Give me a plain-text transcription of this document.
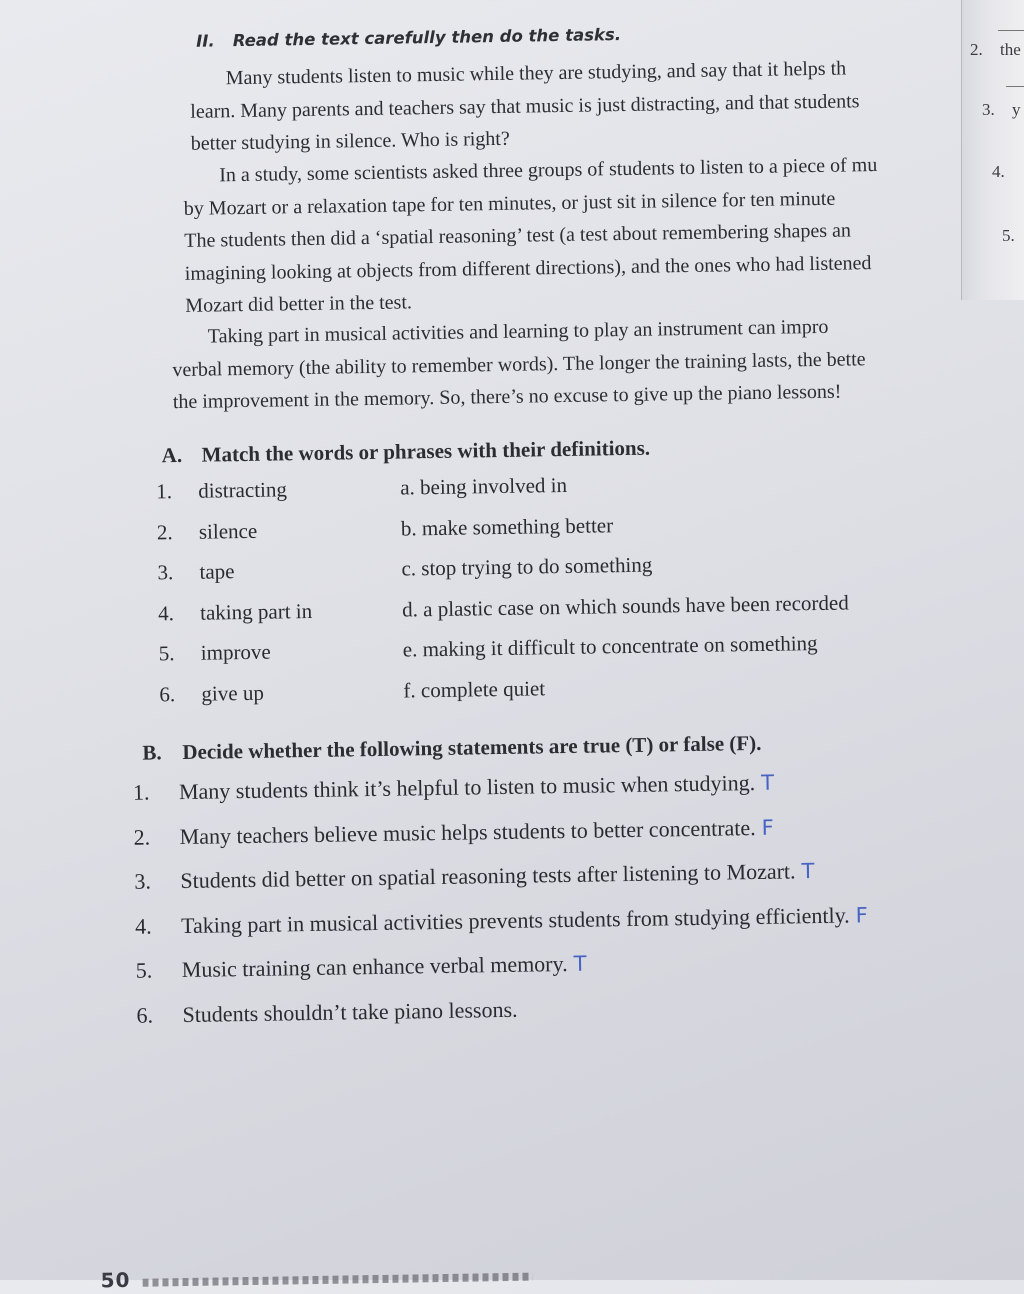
2. the
3. y
4.
5.
II. Read the text carefully then do the tasks.
Many students listen to music while they are studying, and say that it helps th
learn. Many parents and teachers say that music is just distracting, and that students
better studying in silence. Who is right?
In a study, some scientists asked three groups of students to listen to a piece of mu
by Mozart or a relaxation tape for ten minutes, or just sit in silence for ten minute
The students then did a ‘spatial reasoning’ test (a test about remembering shapes an
imagining looking at objects from different directions), and the ones who had listened
Mozart did better in the test.
Taking part in musical activities and learning to play an instrument can impro
verbal memory (the ability to remember words). The longer the training lasts, the bette
the improvement in the memory. So, there’s no excuse to give up the piano lessons!
A. Match the words or phrases with their definitions.
1.	distracting	a. being involved in
2.	silence	b. make something better
3.	tape	c. stop trying to do something
4.	taking part in	d. a plastic case on which sounds have been recorded
5.	improve	e. making it difficult to concentrate on something
6.	give up	f. complete quiet
B. Decide whether the following statements are true (T) or false (F).
1.	Many students think it’s helpful to listen to music when studying. T
2.	Many teachers believe music helps students to better concentrate. F
3.	Students did better on spatial reasoning tests after listening to Mozart. T
4.	Taking part in musical activities prevents students from studying efficiently. F
5.	Music training can enhance verbal memory. T
6.	Students shouldn’t take piano lessons.
50
